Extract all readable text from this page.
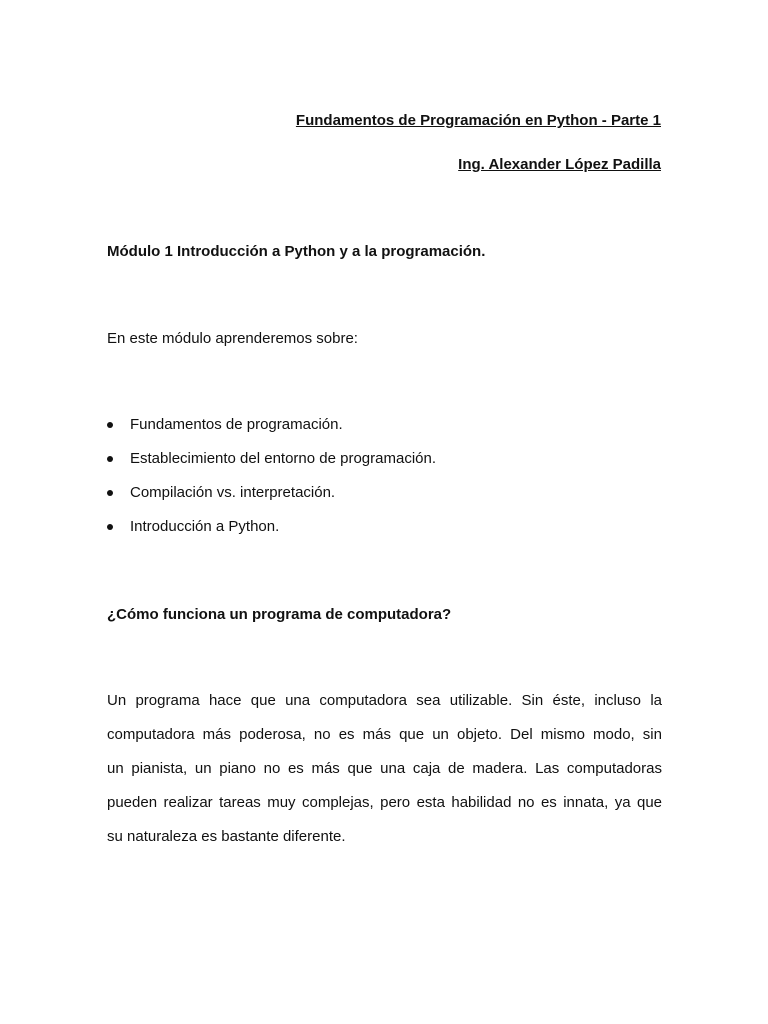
Fundamentos de Programación en Python - Parte 1
Ing. Alexander López Padilla
Módulo 1 Introducción a Python y a la programación.
En este módulo aprenderemos sobre:
Fundamentos de programación.
Establecimiento del entorno de programación.
Compilación vs. interpretación.
Introducción a Python.
¿Cómo funciona un programa de computadora?
Un programa hace que una computadora sea utilizable. Sin éste, incluso la
computadora más poderosa, no es más que un objeto. Del mismo modo, sin
un pianista, un piano no es más que una caja de madera. Las computadoras
pueden realizar tareas muy complejas, pero esta habilidad no es innata, ya que
su naturaleza es bastante diferente.
